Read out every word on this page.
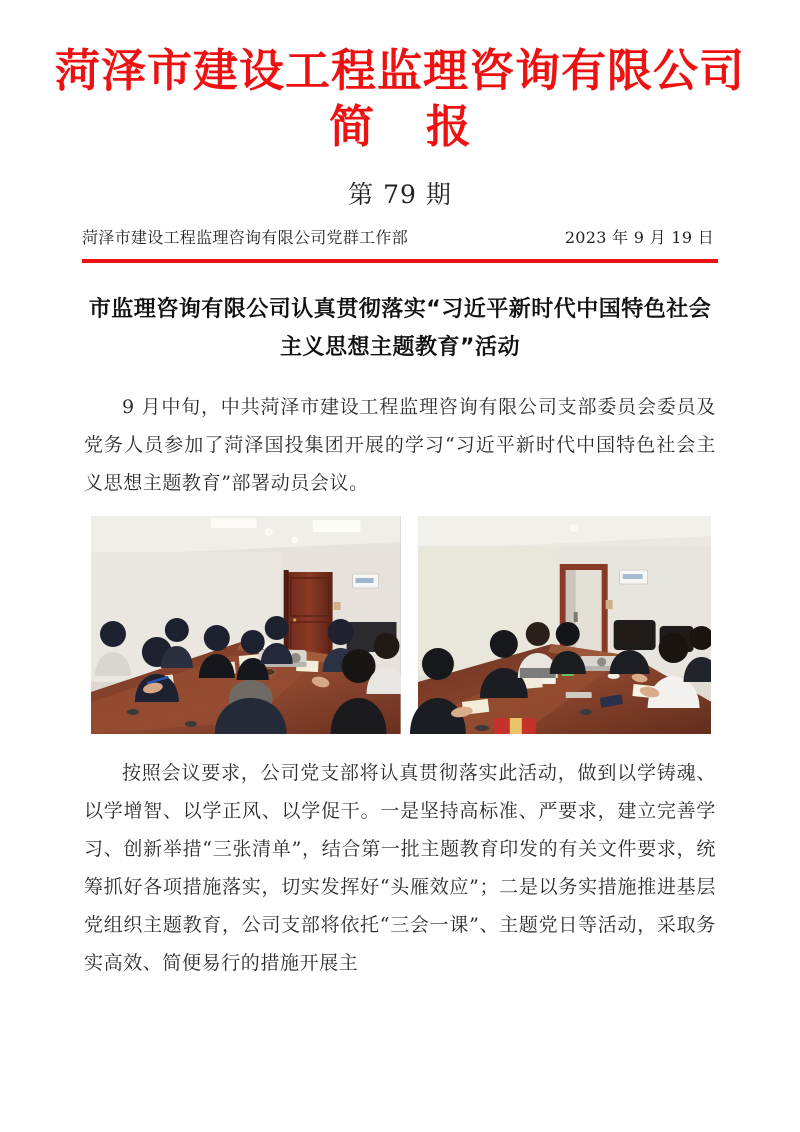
菏泽市建设工程监理咨询有限公司
简 报
第 79 期
菏泽市建设工程监理咨询有限公司党群工作部	2023 年 9 月 19 日
市监理咨询有限公司认真贯彻落实“习近平新时代中国特色社会主义思想主题教育”活动

9 月中旬，中共菏泽市建设工程监理咨询有限公司支部委员会委员及党务人员参加了菏泽国投集团开展的学习“习近平新时代中国特色社会主义思想主题教育”部署动员会议。

按照会议要求，公司党支部将认真贯彻落实此活动，做到以学铸魂、以学增智、以学正风、以学促干。一是坚持高标准、严要求，建立完善学习、创新举措“三张清单”，结合第一批主题教育印发的有关文件要求，统筹抓好各项措施落实，切实发挥好“头雁效应”；二是以务实措施推进基层党组织主题教育，公司支部将依托“三会一课”、主题党日等活动，采取务实高效、简便易行的措施开展主
